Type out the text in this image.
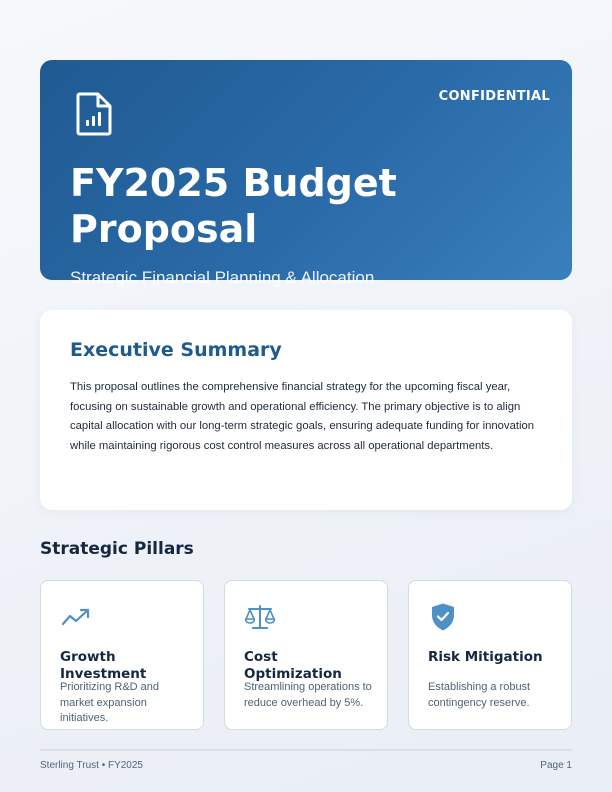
CONFIDENTIAL
FY2025 Budget Proposal
Strategic Financial Planning & Allocation
Executive Summary
This proposal outlines the comprehensive financial strategy for the upcoming fiscal year, focusing on sustainable growth and operational efficiency. The primary objective is to align capital allocation with our long-term strategic goals, ensuring adequate funding for innovation while maintaining rigorous cost control measures across all operational departments.
Strategic Pillars
Growth Investment
Prioritizing R&D and market expansion initiatives.
Cost Optimization
Streamlining operations to reduce overhead by 5%.
Risk Mitigation
Establishing a robust contingency reserve.
Sterling Trust • FY2025	Page 1
